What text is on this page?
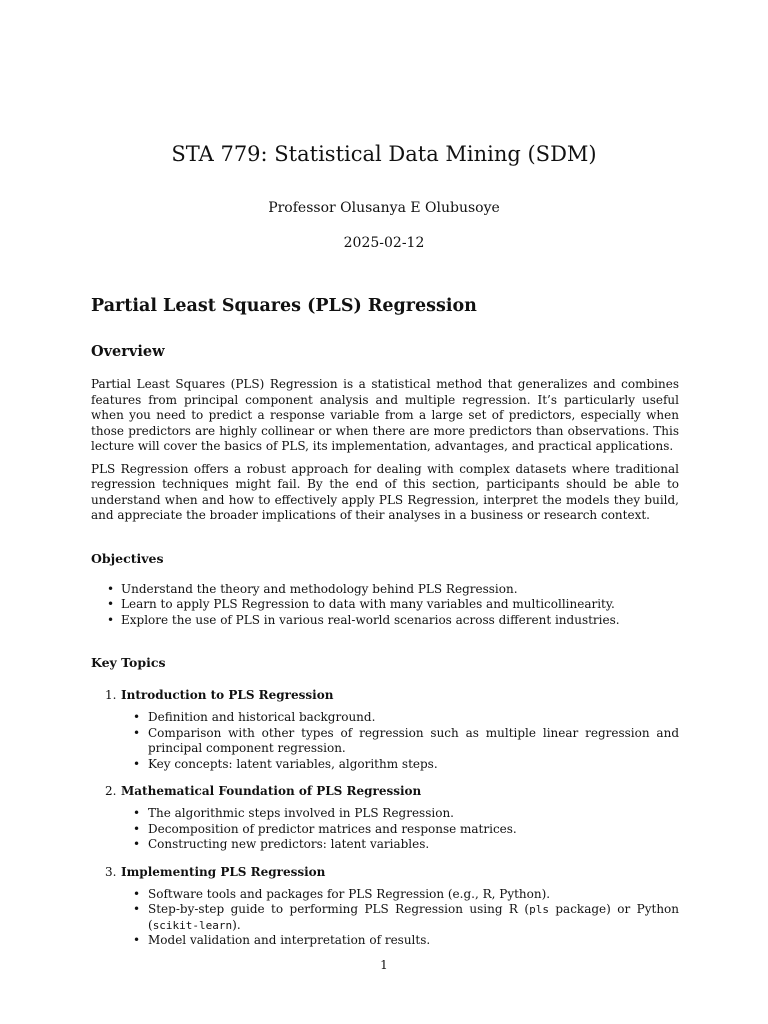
STA 779: Statistical Data Mining (SDM)
Professor Olusanya E Olubusoye
2025-02-12
Partial Least Squares (PLS) Regression
Overview

Partial Least Squares (PLS) Regression is a statistical method that generalizes and combines features from principal component analysis and multiple regression. It’s particularly useful when you need to predict a response variable from a large set of predictors, especially when those predictors are highly collinear or when there are more predictors than observations. This lecture will cover the basics of PLS, its implementation, advantages, and practical applications.

PLS Regression offers a robust approach for dealing with complex datasets where traditional regression techniques might fail. By the end of this section, participants should be able to understand when and how to effectively apply PLS Regression, interpret the models they build, and appreciate the broader implications of their analyses in a business or research context.

Objectives
• Understand the theory and methodology behind PLS Regression.
• Learn to apply PLS Regression to data with many variables and multicollinearity.
• Explore the use of PLS in various real-world scenarios across different industries.
Key Topics
1. Introduction to PLS Regression
• Definition and historical background.
• Comparison with other types of regression such as multiple linear regression and principal component regression.
• Key concepts: latent variables, algorithm steps.
2. Mathematical Foundation of PLS Regression
• The algorithmic steps involved in PLS Regression.
• Decomposition of predictor matrices and response matrices.
• Constructing new predictors: latent variables.
3. Implementing PLS Regression
• Software tools and packages for PLS Regression (e.g., R, Python).
• Step-by-step guide to performing PLS Regression using R (pls package) or Python (scikit-learn).
• Model validation and interpretation of results.
1
